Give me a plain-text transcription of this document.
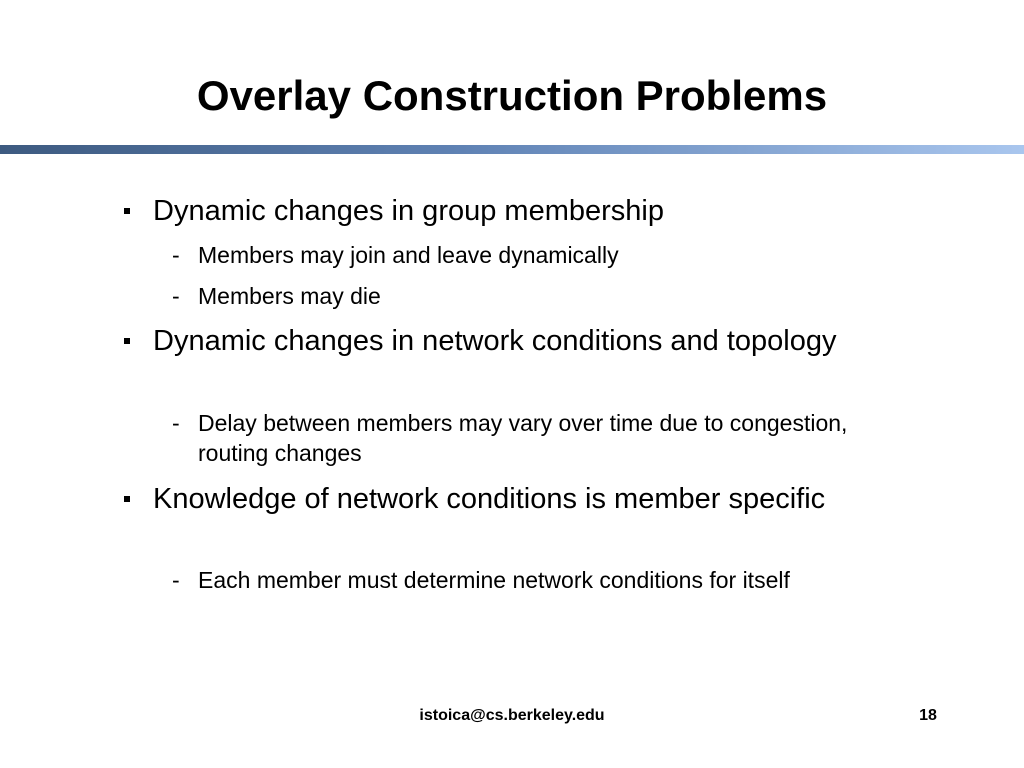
Overlay Construction Problems
Dynamic changes in group membership
- Members may join and leave dynamically
- Members may die
Dynamic changes in network conditions and topology
- Delay between members may vary over time due to congestion, routing changes
Knowledge of network conditions is member specific
- Each member must determine network conditions for itself
istoica@cs.berkeley.edu	18
